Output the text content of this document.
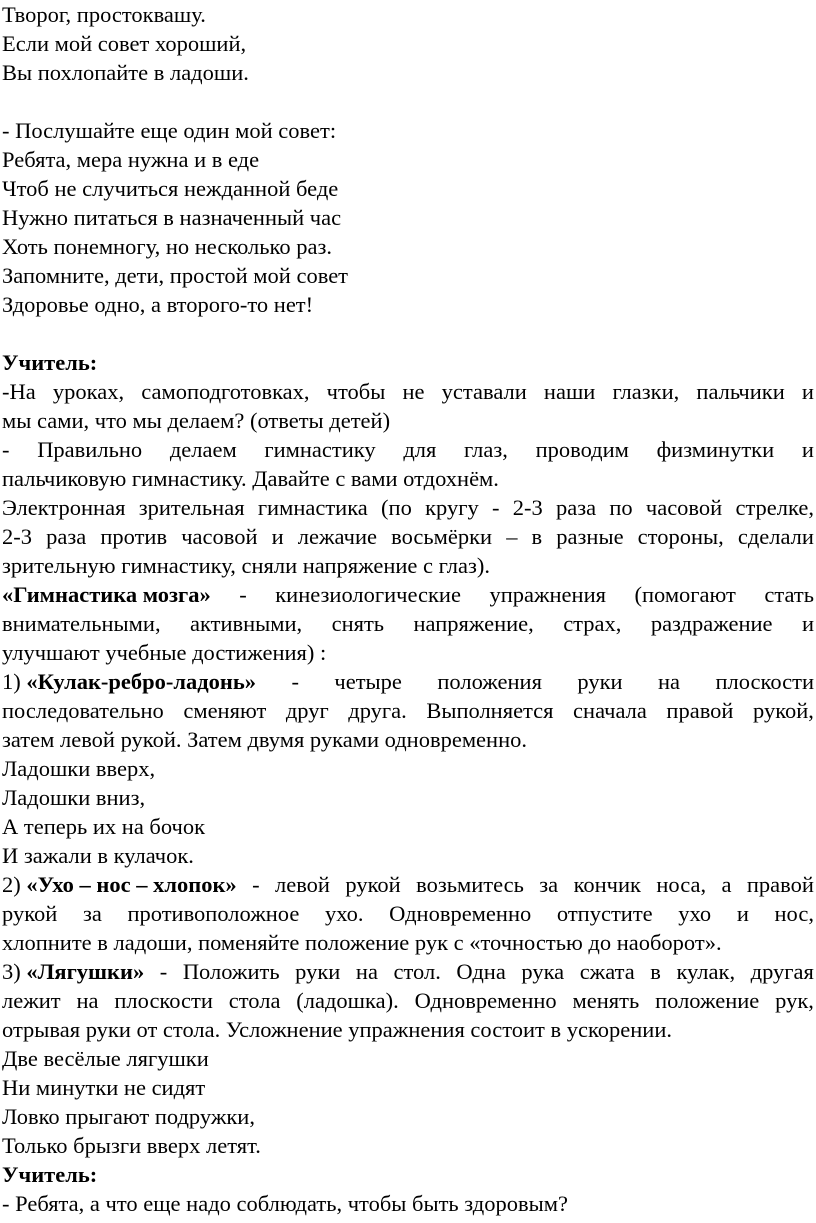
Творог, простоквашу.
Если мой совет хороший,
Вы похлопайте в ладоши.
- Послушайте еще один мой совет:
Ребята, мера нужна и в еде
Чтоб не случиться нежданной беде
Нужно питаться в назначенный час
Хоть понемногу, но несколько раз.
Запомните, дети, простой мой совет
Здоровье одно, а второго-то нет!
Учитель:
-На уроках, самоподготовках, чтобы не уставали наши глазки, пальчики и
мы сами, что мы делаем? (ответы детей)
- Правильно делаем гимнастику для глаз, проводим физминутки и
пальчиковую гимнастику. Давайте с вами отдохнём.
Электронная зрительная гимнастика (по кругу - 2-3 раза по часовой стрелке,
2-3 раза против часовой и лежачие восьмёрки – в разные стороны, сделали
зрительную гимнастику, сняли напряжение с глаз).
«Гимнастика мозга» - кинезиологические упражнения (помогают стать
внимательными, активными, снять напряжение, страх, раздражение и
улучшают учебные достижения) :
1) «Кулак-ребро-ладонь» - четыре положения руки на плоскости
последовательно сменяют друг друга. Выполняется сначала правой рукой,
затем левой рукой. Затем двумя руками одновременно.
Ладошки вверх,
Ладошки вниз,
А теперь их на бочок
И зажали в кулачок.
2) «Ухо – нос – хлопок» - левой рукой возьмитесь за кончик носа, а правой
рукой за противоположное ухо. Одновременно отпустите ухо и нос,
хлопните в ладоши, поменяйте положение рук с «точностью до наоборот».
3) «Лягушки» - Положить руки на стол. Одна рука сжата в кулак, другая
лежит на плоскости стола (ладошка). Одновременно менять положение рук,
отрывая руки от стола. Усложнение упражнения состоит в ускорении.
Две весёлые лягушки
Ни минутки не сидят
Ловко прыгают подружки,
Только брызги вверх летят.
Учитель:
- Ребята, а что еще надо соблюдать, чтобы быть здоровым?
